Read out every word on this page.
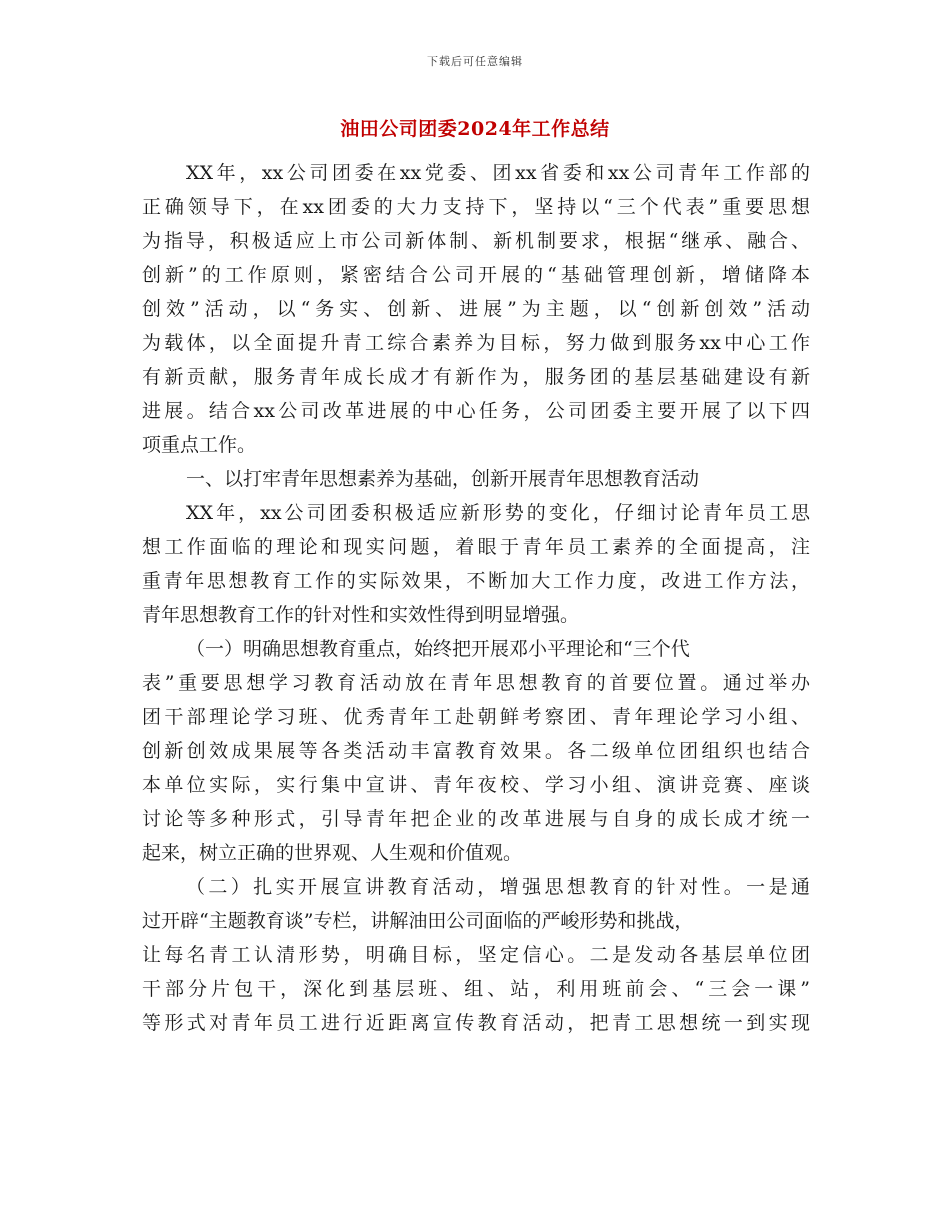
下载后可任意编辑
油田公司团委2024年工作总结
XX年，xx公司团委在xx党委、团xx省委和xx公司青年工作部的
正确领导下，在xx团委的大力支持下，坚持以“三个代表”重要思想
为指导，积极适应上市公司新体制、新机制要求，根据“继承、融合、
创新”的工作原则，紧密结合公司开展的“基础管理创新，增储降本
创效”活动，以“务实、创新、进展”为主题，以“创新创效”活动
为载体，以全面提升青工综合素养为目标，努力做到服务xx中心工作
有新贡献，服务青年成长成才有新作为，服务团的基层基础建设有新
进展。结合xx公司改革进展的中心任务，公司团委主要开展了以下四
项重点工作。
一、以打牢青年思想素养为基础，创新开展青年思想教育活动
XX年，xx公司团委积极适应新形势的变化，仔细讨论青年员工思
想工作面临的理论和现实问题，着眼于青年员工素养的全面提高，注
重青年思想教育工作的实际效果，不断加大工作力度，改进工作方法，
青年思想教育工作的针对性和实效性得到明显增强。
（一）明确思想教育重点，始终把开展邓小平理论和“三个代
表”重要思想学习教育活动放在青年思想教育的首要位置。通过举办
团干部理论学习班、优秀青年工赴朝鲜考察团、青年理论学习小组、
创新创效成果展等各类活动丰富教育效果。各二级单位团组织也结合
本单位实际，实行集中宣讲、青年夜校、学习小组、演讲竞赛、座谈
讨论等多种形式，引导青年把企业的改革进展与自身的成长成才统一
起来，树立正确的世界观、人生观和价值观。
（二）扎实开展宣讲教育活动，增强思想教育的针对性。一是通
过开辟“主题教育谈”专栏，讲解油田公司面临的严峻形势和挑战，
让每名青工认清形势，明确目标，坚定信心。二是发动各基层单位团
干部分片包干，深化到基层班、组、站，利用班前会、“三会一课”
等形式对青年员工进行近距离宣传教育活动，把青工思想统一到实现
